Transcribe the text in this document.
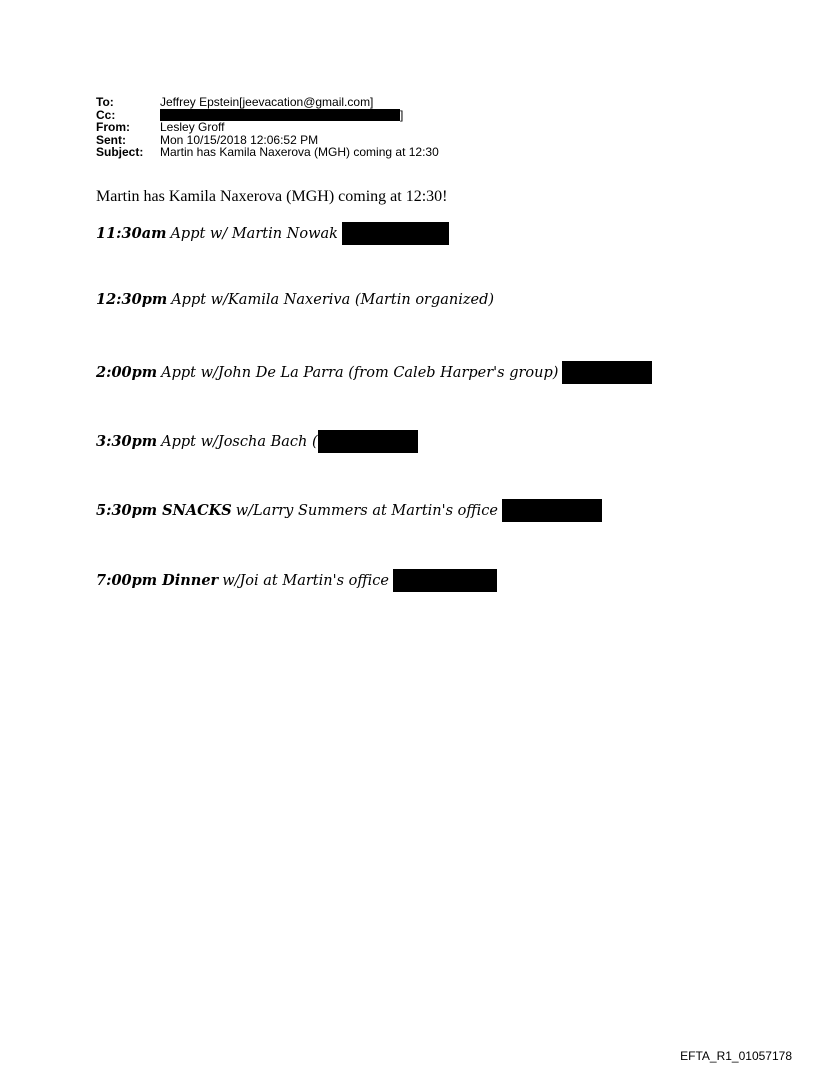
To:	Jeffrey Epstein[jeevacation@gmail.com]
Cc:	]
From:	Lesley Groff
Sent:	Mon 10/15/2018 12:06:52 PM
Subject:	Martin has Kamila Naxerova (MGH) coming at 12:30
Martin has Kamila Naxerova (MGH) coming at 12:30!
11:30am Appt w/ Martin Nowak
12:30pm Appt w/Kamila Naxeriva (Martin organized)
2:00pm Appt w/John De La Parra (from Caleb Harper's group)
3:30pm Appt w/Joscha Bach (
5:30pm SNACKS w/Larry Summers at Martin's office
7:00pm Dinner w/Joi at Martin's office
EFTA_R1_01057178
